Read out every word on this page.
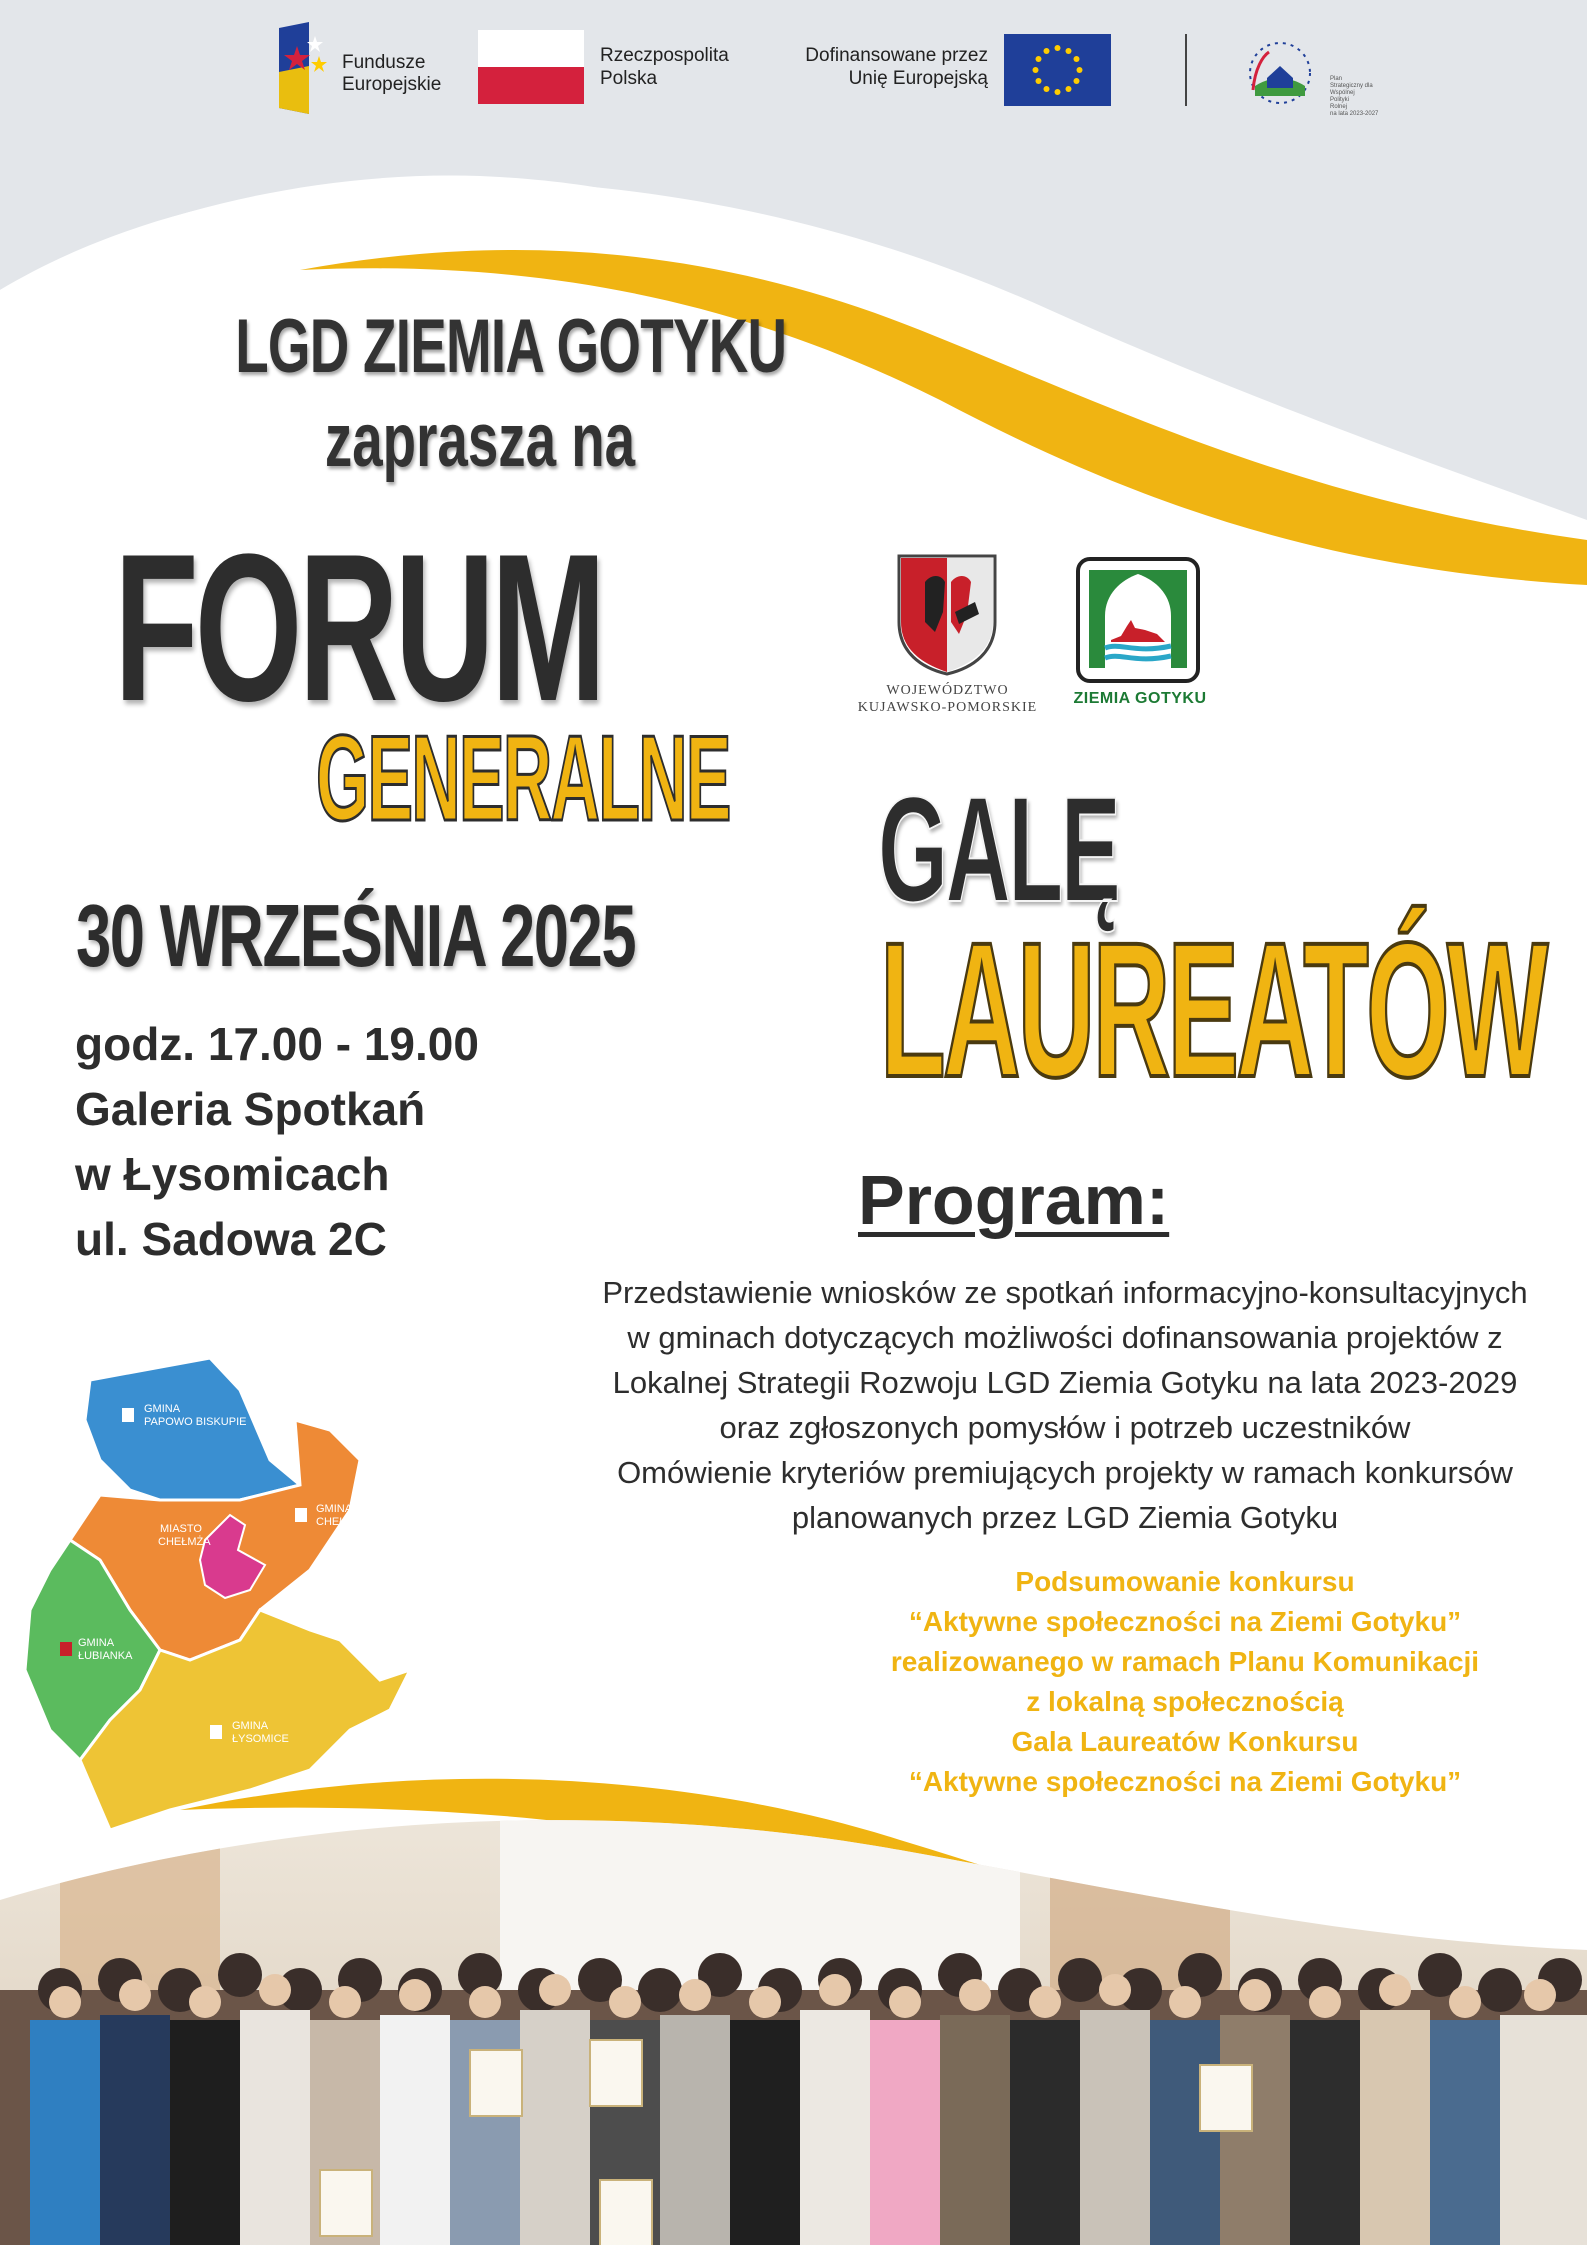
Fundusze
Europejskie
Rzeczpospolita
Polska
Dofinansowane przez
Unię Europejską	Plan
Strategiczny dla
Wspólnej
Polityki
Rolnej
na lata 2023-2027
LGD ZIEMIA GOTYKU
zaprasza na
FORUM
GENERALNE
30 WRZEŚNIA 2025
godz. 17.00 - 19.00
Galeria Spotkań
w Łysomicach
ul. Sadowa 2C
WOJEWÓDZTWO
KUJAWSKO-POMORSKIE
ZIEMIA GOTYKU
GALĘ
LAUREATÓW
Program:
Przedstawienie wniosków ze spotkań informacyjno-konsultacyjnych
w gminach dotyczących możliwości dofinansowania projektów z
Lokalnej Strategii Rozwoju LGD Ziemia Gotyku na lata 2023-2029
oraz zgłoszonych pomysłów i potrzeb uczestników
Omówienie kryteriów premiujących projekty w ramach konkursów
planowanych przez LGD Ziemia Gotyku
Podsumowanie konkursu
“Aktywne społeczności na Ziemi Gotyku”
realizowanego w ramach Planu Komunikacji
z lokalną społecznością
Gala Laureatów Konkursu
“Aktywne społeczności na Ziemi Gotyku”
GMINA
PAPOWO BISKUPIE
GMINA
CHEŁMŻA
MIASTO
CHEŁMŻA
GMINA
ŁUBIANKA
GMINA
ŁYSOMICE
